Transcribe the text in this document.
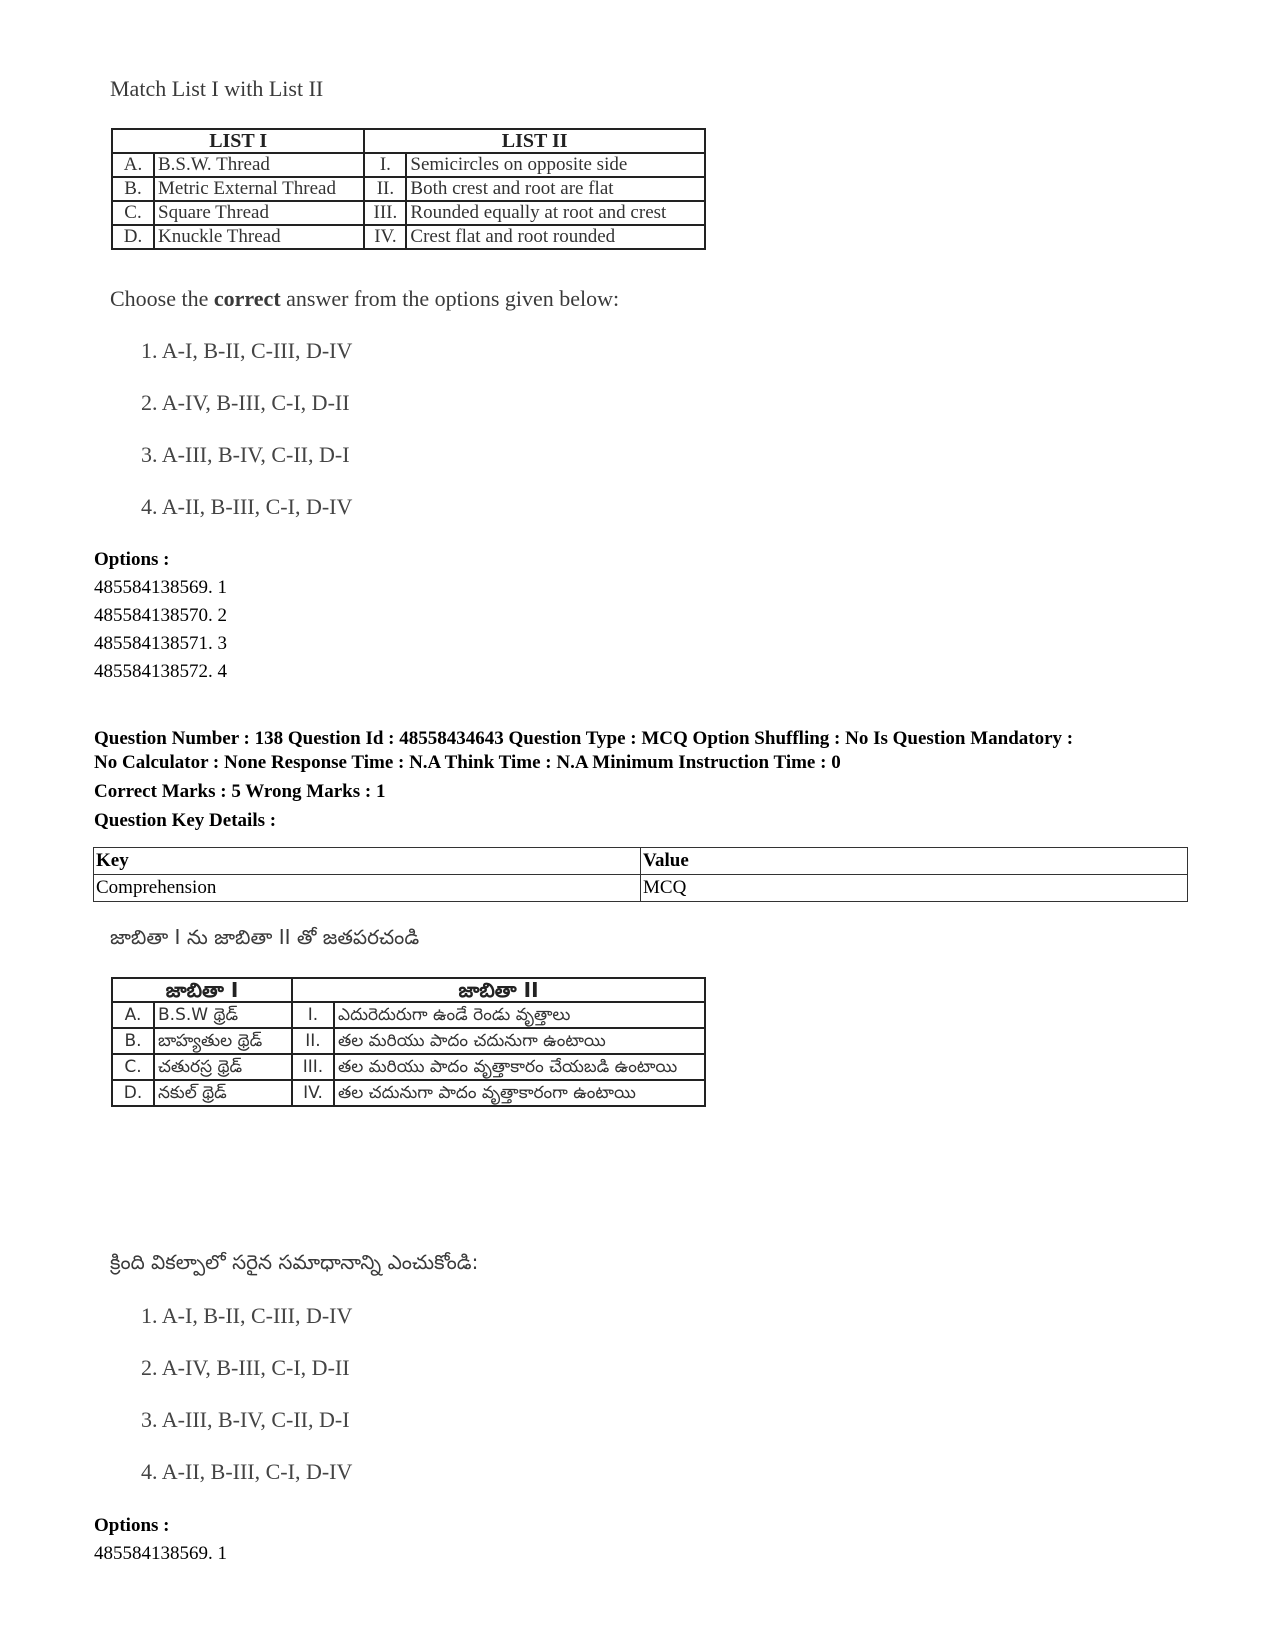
Match List I with List II
LIST I		LIST II	
A.	B.S.W. Thread	I.	Semicircles on opposite side
B.	Metric External Thread	II.	Both crest and root are flat
C.	Square Thread	III.	Rounded equally at root and crest
D.	Knuckle Thread	IV.	Crest flat and root rounded
Choose the correct answer from the options given below:
1. A-I, B-II, C-III, D-IV
2. A-IV, B-III, C-I, D-II
3. A-III, B-IV, C-II, D-I
4. A-II, B-III, C-I, D-IV
Options :
485584138569. 1
485584138570. 2
485584138571. 3
485584138572. 4
Question Number : 138 Question Id : 48558434643 Question Type : MCQ Option Shuffling : No Is Question Mandatory :
No Calculator : None Response Time : N.A Think Time : N.A Minimum Instruction Time : 0
Correct Marks : 5 Wrong Marks : 1
Question Key Details :
Key	Value
Comprehension	MCQ
జాబితా I ను జాబితా II తో జతపరచండి
జాబితా I		జాబితా II	
A.	B.S.W థ్రెడ్	I.	ఎదురెదురుగా ఉండే రెండు వృత్తాలు
B.	బాహ్యతుల థ్రెడ్	II.	తల మరియు పాదం చదునుగా ఉంటాయి
C.	చతురస్ర థ్రెడ్	III.	తల మరియు పాదం వృత్తాకారం చేయబడి ఉంటాయి
D.	నకుల్ థ్రెడ్	IV.	తల చదునుగా పాదం వృత్తాకారంగా ఉంటాయి
క్రింది వికల్పాలో సరైన సమాధానాన్ని ఎంచుకోండి:
1. A-I, B-II, C-III, D-IV
2. A-IV, B-III, C-I, D-II
3. A-III, B-IV, C-II, D-I
4. A-II, B-III, C-I, D-IV
Options :
485584138569. 1
